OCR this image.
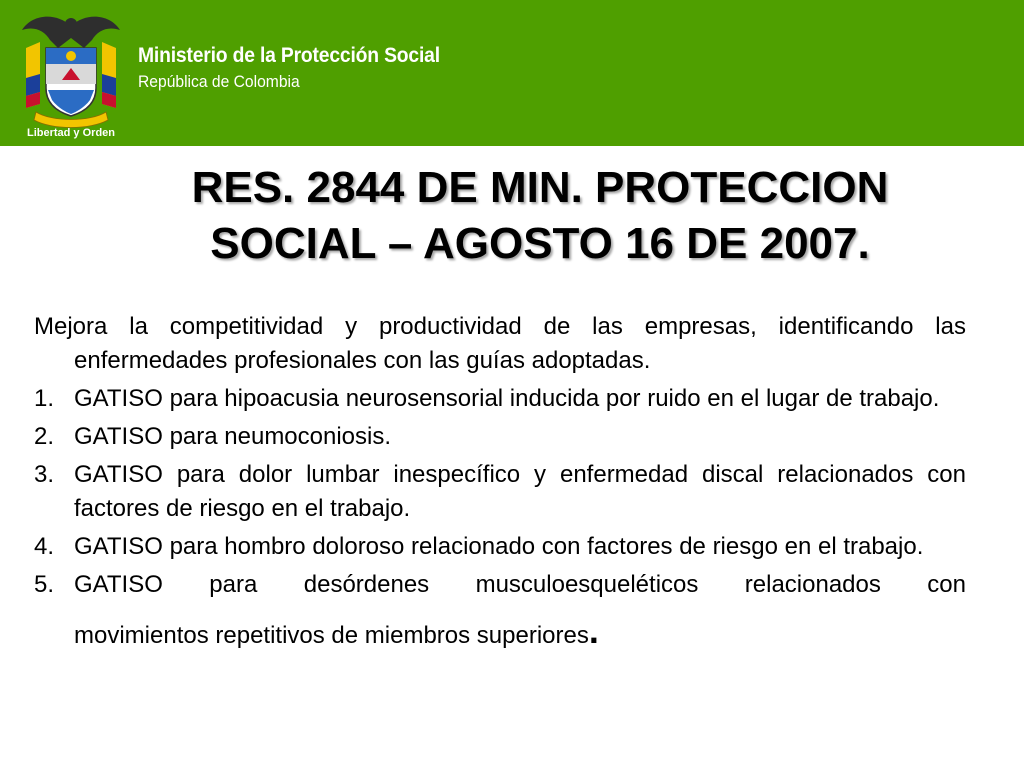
Libertad y Orden
Ministerio de la Protección Social
República de Colombia
RES. 2844 DE MIN. PROTECCION
SOCIAL – AGOSTO 16 DE 2007.

Mejora la competitividad y productividad de las empresas, identificando las enfermedades profesionales con las guías adoptadas.

1. GATISO para hipoacusia neurosensorial inducida por ruido en el lugar de trabajo.
2. GATISO para neumoconiosis.
3. GATISO para dolor lumbar inespecífico y enfermedad discal relacionados con factores de riesgo en el trabajo.
4. GATISO para hombro doloroso relacionado con factores de riesgo en el trabajo.
5. GATISO para desórdenes musculoesqueléticos relacionados con
movimientos repetitivos de miembros superiores.
